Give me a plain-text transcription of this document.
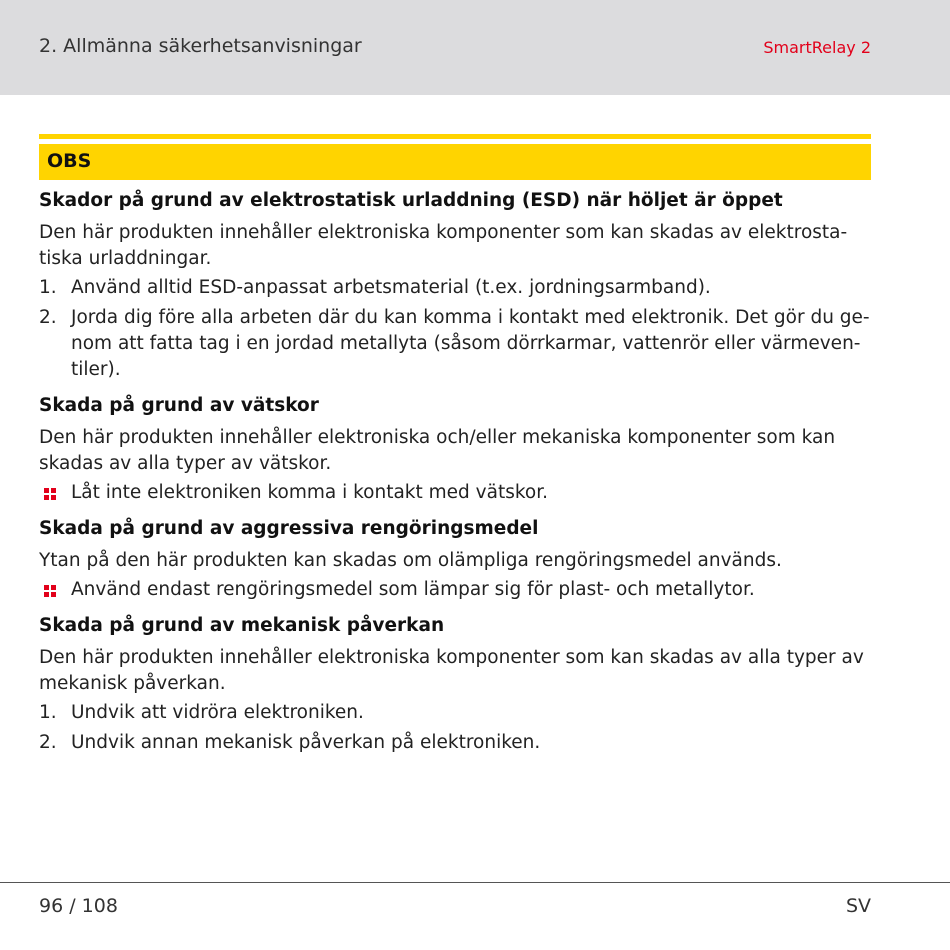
2. Allmänna säkerhetsanvisningar	SmartRelay 2
OBS
Skador på grund av elektrostatisk urladdning (ESD) när höljet är öppet
Den här produkten innehåller elektroniska komponenter som kan skadas av elektrosta-
tiska urladdningar.
1. Använd alltid ESD-anpassat arbetsmaterial (t.ex. jordningsarmband).
2. Jorda dig före alla arbeten där du kan komma i kontakt med elektronik. Det gör du ge-
nom att fatta tag i en jordad metallyta (såsom dörrkarmar, vattenrör eller värmeven-
tiler).
Skada på grund av vätskor
Den här produkten innehåller elektroniska och/eller mekaniska komponenter som kan
skadas av alla typer av vätskor.
Låt inte elektroniken komma i kontakt med vätskor.
Skada på grund av aggressiva rengöringsmedel
Ytan på den här produkten kan skadas om olämpliga rengöringsmedel används.
Använd endast rengöringsmedel som lämpar sig för plast- och metallytor.
Skada på grund av mekanisk påverkan
Den här produkten innehåller elektroniska komponenter som kan skadas av alla typer av
mekanisk påverkan.
1. Undvik att vidröra elektroniken.
2. Undvik annan mekanisk påverkan på elektroniken.
96 / 108	SV
